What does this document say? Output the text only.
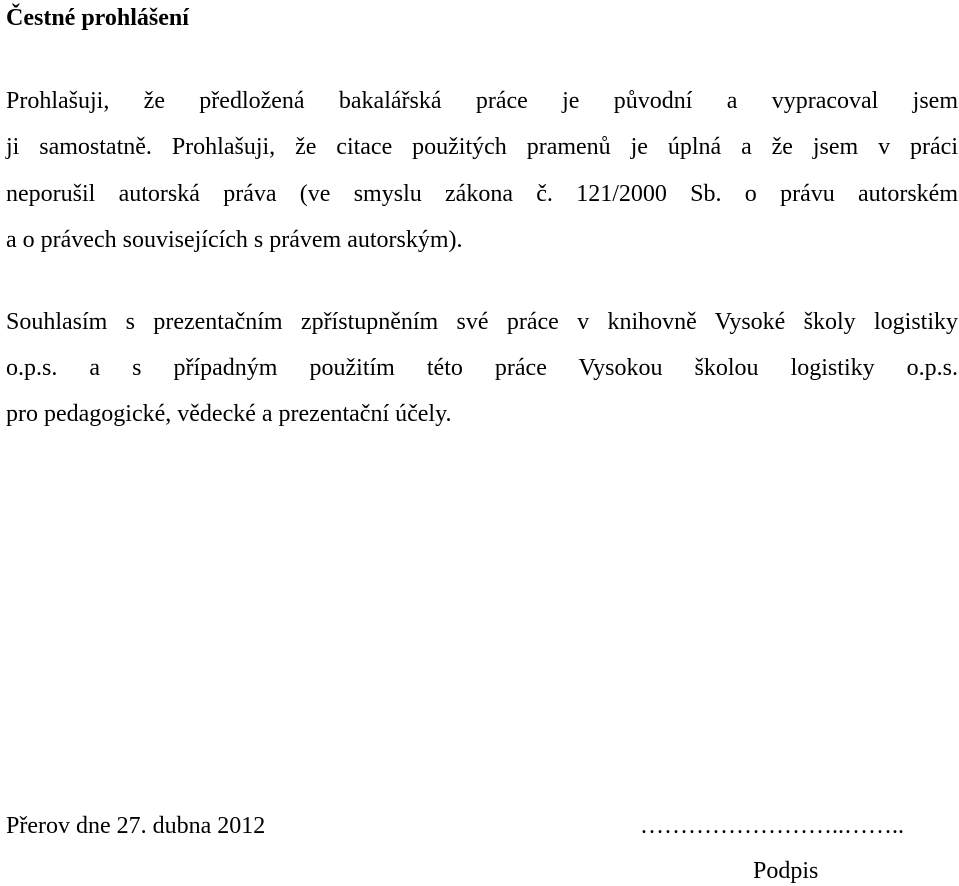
Čestné prohlášení
Prohlašuji, že předložená bakalářská práce je původní a vypracoval jsem
ji samostatně. Prohlašuji, že citace použitých pramenů je úplná a že jsem v práci
neporušil autorská práva (ve smyslu zákona č. 121/2000 Sb. o právu autorském
a o právech souvisejících s právem autorským).
Souhlasím s prezentačním zpřístupněním své práce v knihovně Vysoké školy logistiky
o.p.s. a s případným použitím této práce Vysokou školou logistiky o.p.s.
pro pedagogické, vědecké a prezentační účely.
Přerov dne 27. dubna 2012	……………………..……..
Podpis
